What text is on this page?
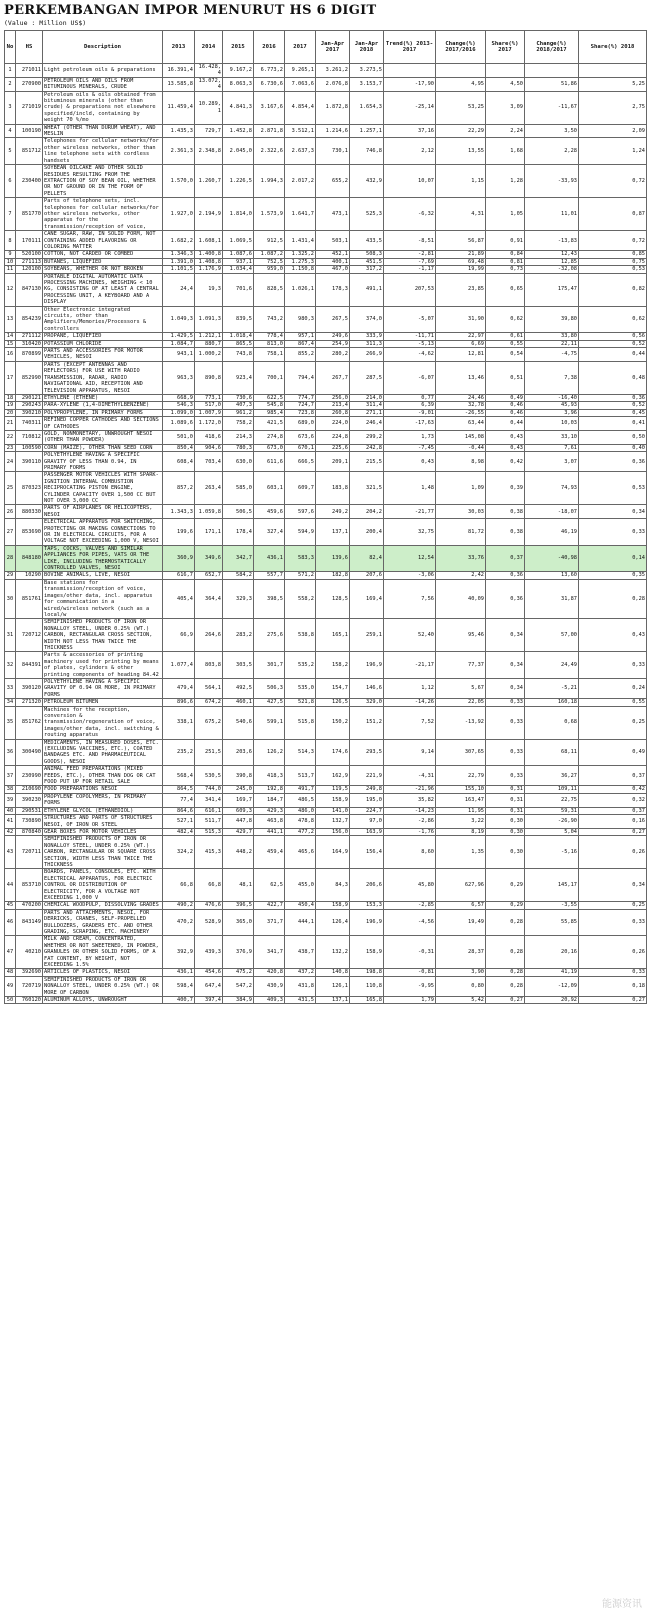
PERKEMBANGAN IMPOR MENURUT HS 6 DIGIT
(Value : Million US$)
No	HS	Description	2013	2014	2015	2016	2017	Jan-Apr 2017	Jan-Apr 2018	Trend(%) 2013-2017	Change(%) 2017/2016	Share(%) 2017	Change(%) 2018/2017	Share(%) 2018
1	271011	Light petroleum oils & preparations	16.391,4	16.428,4	9.167,2	6.773,2	9.265,1	3.261,2	3.273,5					
2	270900	PETROLEUM OILS AND OILS FROM BITUMINOUS MINERALS, CRUDE	13.585,8	13.072,4	8.063,3	6.730,6	7.063,6	2.076,8	3.153,7	-17,90	4,95	4,50	51,86	5,25
3	271019	Petroleum oils & oils obtained from bituminous minerals (other than crude) & preparations not elsewhere specified/incld, containing by weight 70 %/mo	11.459,4	10.289,1	4.841,3	3.167,6	4.854,4	1.872,8	1.654,3	-25,14	53,25	3,09	-11,67	2,75
4	100190	WHEAT (OTHER THAN DURUM WHEAT), AND MESLIN	1.435,3	729,7	1.452,8	2.871,8	3.512,1	1.214,6	1.257,1	37,16	22,29	2,24	3,50	2,09
5	851712	Telephones for cellular networks/for other wireless networks, other than line telephone sets with cordless handsets	2.361,3	2.348,8	2.045,0	2.322,6	2.637,3	730,1	746,8	2,12	13,55	1,68	2,28	1,24
6	230400	SOYBEAN OILCAKE AND OTHER SOLID RESIDUES RESULTING FROM THE EXTRACTION OF SOY BEAN OIL, WHETHER OR NOT GROUND OR IN THE FORM OF PELLETS	1.570,0	1.260,7	1.226,5	1.994,3	2.017,2	655,2	432,9	10,07	1,15	1,28	-33,93	0,72
7	851770	Parts of telephone sets, incl. telephones for cellular networks/for other wireless networks, other apparatus for the transmission/reception of voice,	1.927,0	2.194,9	1.814,0	1.573,9	1.641,7	473,1	525,3	-6,32	4,31	1,05	11,01	0,87
8	170111	CANE SUGAR, RAW, IN SOLID FORM, NOT CONTAINING ADDED FLAVORING OR COLORING MATTER	1.682,2	1.608,1	1.069,5	912,5	1.431,4	503,1	433,5	-8,51	56,87	0,91	-13,83	0,72
9	520100	COTTON, NOT CARDED OR COMBED	1.346,3	1.400,8	1.087,6	1.087,2	1.325,2	452,1	508,3	-2,81	21,89	0,84	12,43	0,85
10	271113	BUTANES, LIQUEFIED	1.391,0	1.408,8	937,1	752,5	1.275,3	400,1	451,5	-7,69	69,48	0,81	12,85	0,75
11	120100	SOYBEANS, WHETHER OR NOT BROKEN	1.101,5	1.176,9	1.034,4	959,0	1.150,8	467,0	317,2	-1,17	19,99	0,73	-32,08	0,53
12	847130	PORTABLE DIGITAL AUTOMATIC DATA PROCESSING MACHINES, WEIGHING < 10 KG, CONSISTING OF AT LEAST A CENTRAL PROCESSING UNIT, A KEYBOARD AND A DISPLAY	24,4	19,3	701,6	828,5	1.026,1	178,3	491,1	207,53	23,85	0,65	175,47	0,82
13	854239	Other Electronic integrated circuits, other than Amplifiers/Memories/Processors & controllers	1.049,3	1.091,3	839,5	743,2	980,3	267,5	374,0	-5,07	31,90	0,62	39,80	0,62
14	271112	PROPANE, LIQUEFIED	1.429,5	1.212,1	1.018,4	778,4	957,1	249,6	333,9	-11,71	22,97	0,61	33,80	0,56
15	310420	POTASSIUM CHLORIDE	1.084,7	880,7	865,5	813,0	867,4	254,9	311,3	-5,13	6,69	0,55	22,11	0,52
16	870899	PARTS AND ACCESSORIES FOR MOTOR VEHICLES, NESOI	943,1	1.000,2	743,8	758,1	855,2	280,2	266,9	-4,62	12,81	0,54	-4,75	0,44
17	852990	PARTS (EXCEPT ANTENNAS AND REFLECTORS) FOR USE WITH RADIO TRANSMISSION, RADAR, RADIO NAVIGATIONAL AID, RECEPTION AND TELEVISION APPARATUS, NESOI	963,3	890,8	923,4	700,1	794,4	267,7	287,5	-6,07	13,46	0,51	7,38	0,48
18	290121	ETHYLENE (ETHENE)	668,9	773,1	730,6	622,5	774,7	256,0	214,0	0,77	24,46	0,49	-16,40	0,36
19	290243	PARA-XYLENE (1,4-DIMETHYLBENZENE)	546,3	517,0	407,3	545,8	724,7	213,4	311,4	6,39	32,78	0,46	45,93	0,52
20	390210	POLYPROPYLENE, IN PRIMARY FORMS	1.099,0	1.007,9	961,2	985,4	723,8	260,8	271,1	-9,01	-26,55	0,46	3,96	0,45
21	740311	REFINED COPPER CATHODES AND SECTIONS OF CATHODES	1.089,6	1.172,0	758,2	421,5	689,0	224,0	246,4	-17,63	63,44	0,44	10,03	0,41
22	710812	GOLD, NONMONETARY, UNWROUGHT NESOI (OTHER THAN POWDER)	501,0	418,6	214,3	274,8	673,6	224,8	299,2	1,73	145,08	0,43	33,10	0,50
23	100590	CORN (MAIZE), OTHER THAN SEED CORN	850,4	904,6	780,3	673,0	670,1	225,6	242,8	-7,45	-0,44	0,43	7,61	0,40
24	390110	POLYETHYLENE HAVING A SPECIFIC GRAVITY OF LESS THAN 0.94, IN PRIMARY FORMS	608,4	703,4	630,0	611,6	666,5	209,1	215,5	0,43	8,98	0,42	3,07	0,36
25	870323	PASSENGER MOTOR VEHICLES WITH SPARK-IGNITION INTERNAL COMBUSTION RECIPROCATING PISTON ENGINE, CYLINDER CAPACITY OVER 1,500 CC BUT NOT OVER 3,000 CC	857,2	263,4	585,0	603,1	609,7	183,8	321,5	1,48	1,09	0,39	74,93	0,53
26	880330	PARTS OF AIRPLANES OR HELICOPTERS, NESOI	1.343,3	1.059,8	506,5	459,6	597,6	249,2	204,2	-21,77	30,03	0,38	-18,07	0,34
27	853690	ELECTRICAL APPARATUS FOR SWITCHING, PROTECTING OR MAKING CONNECTIONS TO OR IN ELECTRICAL CIRCUITS, FOR A VOLTAGE NOT EXCEEDING 1,000 V, NESOI	199,6	171,1	178,4	327,4	594,9	137,1	200,4	32,75	81,72	0,38	46,19	0,33
28	848180	TAPS, COCKS, VALVES AND SIMILAR APPLIANCES FOR PIPES, VATS OR THE LIKE, INCLUDING THERMOSTATICALLY CONTROLLED VALVES, NESOI	360,9	349,6	342,7	436,1	583,3	139,6	82,4	12,54	33,76	0,37	-40,98	0,14
29	10290	BOVINE ANIMALS, LIVE, NESOI	616,7	652,7	584,2	557,7	571,2	182,8	207,6	-3,06	2,42	0,36	13,60	0,35
30	851761	Base stations for transmission/reception of voice, images/other data, incl. apparatus for communication in a wired/wireless network (such as a local/w	405,4	364,4	329,3	398,5	558,2	128,5	169,4	7,56	40,09	0,36	31,87	0,28
31	720712	SEMIFINISHED PRODUCTS OF IRON OR NONALLOY STEEL, UNDER 0.25% (WT.) CARBON, RECTANGULAR CROSS SECTION, WIDTH NOT LESS THAN TWICE THE THICKNESS	66,9	264,6	283,2	275,6	538,8	165,1	259,1	52,40	95,46	0,34	57,00	0,43
32	844391	Parts & accessories of printing machinery used for printing by means of plates, cylinders & other printing components of heading 84.42	1.077,4	803,8	303,5	301,7	535,2	158,2	196,9	-21,17	77,37	0,34	24,49	0,33
33	390120	POLYETHYLENE HAVING A SPECIFIC GRAVITY OF 0.94 OR MORE, IN PRIMARY FORMS	479,4	564,1	492,5	506,3	535,0	154,7	146,6	1,12	5,67	0,34	-5,21	0,24
34	271320	PETROLEUM BITUMEN	896,6	674,2	460,1	427,5	521,8	126,5	329,0	-14,26	22,05	0,33	160,18	0,55
35	851762	Machines for the reception, conversion & transmission/regeneration of voice, images/other data, incl. switching & routing apparatus	338,1	675,2	540,6	599,1	515,8	150,2	151,2	7,52	-13,92	0,33	0,68	0,25
36	300490	MEDICAMENTS, IN MEASURED DOSES, ETC. (EXCLUDING VACCINES, ETC.), COATED BANDAGES ETC. AND PHARMACEUTICAL GOODS), NESOI	235,2	251,5	203,6	126,2	514,3	174,6	293,5	9,14	307,65	0,33	68,11	0,49
37	230990	ANIMAL FEED PREPARATIONS (MIXED FEEDS, ETC.), OTHER THAN DOG OR CAT FOOD PUT UP FOR RETAIL SALE	568,4	530,5	390,8	418,3	513,7	162,9	221,9	-4,31	22,79	0,33	36,27	0,37
38	210690	FOOD PREPARATIONS NESOI	864,5	744,0	245,0	192,8	491,7	119,5	249,8	-21,96	155,10	0,31	109,11	0,42
39	390230	PROPYLENE COPOLYMERS, IN PRIMARY FORMS	77,4	341,4	169,7	184,7	486,5	158,9	195,0	35,82	163,47	0,31	22,75	0,32
40	290531	ETHYLENE GLYCOL (ETHANEDIOL)	864,6	616,1	609,3	429,3	486,0	141,0	224,7	-14,23	11,95	0,31	59,31	0,37
41	730890	STRUCTURES AND PARTS OF STRUCTURES NESOI, OF IRON OR STEEL	527,1	511,7	447,8	463,8	478,8	132,7	97,0	-2,86	3,22	0,30	-26,90	0,16
42	870840	GEAR BOXES FOR MOTOR VEHICLES	482,4	515,3	429,7	441,1	477,2	156,0	163,9	-1,76	8,19	0,30	5,04	0,27
43	720711	SEMIFINISHED PRODUCTS OF IRON OR NONALLOY STEEL, UNDER 0.25% (WT.) CARBON, RECTANGULAR OR SQUARE CROSS SECTION, WIDTH LESS THAN TWICE THE THICKNESS	324,2	415,3	448,2	459,4	465,6	164,9	156,4	8,60	1,35	0,30	-5,16	0,26
44	853710	BOARDS, PANELS, CONSOLES, ETC. WITH ELECTRICAL APPARATUS, FOR ELECTRIC CONTROL OR DISTRIBUTION OF ELECTRICITY, FOR A VOLTAGE NOT EXCEEDING 1,000 V	66,8	66,8	48,1	62,5	455,0	84,3	206,6	45,80	627,96	0,29	145,17	0,34
45	470200	CHEMICAL WOODPULP, DISSOLVING GRADES	490,2	476,6	396,5	422,7	450,4	158,9	153,3	-2,85	6,57	0,29	-3,55	0,25
46	843149	PARTS AND ATTACHMENTS, NESOI, FOR DERRICKS, CRANES, SELF-PROPELLED BULLDOZERS, GRADERS ETC. AND OTHER GRADING, SCRAPING, ETC. MACHINERY	470,2	528,9	365,0	371,7	444,1	126,4	196,9	-4,56	19,49	0,28	55,85	0,33
47	40210	MILK AND CREAM, CONCENTRATED, WHETHER OR NOT SWEETENED, IN POWDER, GRANULES OR OTHER SOLID FORMS, OF A FAT CONTENT, BY WEIGHT, NOT EXCEEDING 1.5%	392,9	439,3	376,9	341,7	438,7	132,2	158,9	-0,31	28,37	0,28	20,16	0,26
48	392690	ARTICLES OF PLASTICS, NESOI	436,1	454,6	475,2	420,8	437,2	140,8	198,8	-0,81	3,90	0,28	41,19	0,33
49	720719	SEMIFINISHED PRODUCTS OF IRON OR NONALLOY STEEL, UNDER 0.25% (WT.) OR MORE OF CARBON	598,4	647,4	547,2	430,9	431,8	126,1	110,8	-9,95	0,80	0,28	-12,09	0,18
50	760120	ALUMINUM ALLOYS, UNWROUGHT	400,7	397,4	384,9	409,3	431,5	137,1	165,8	1,79	5,42	0,27	20,92	0,27
能源资讯
